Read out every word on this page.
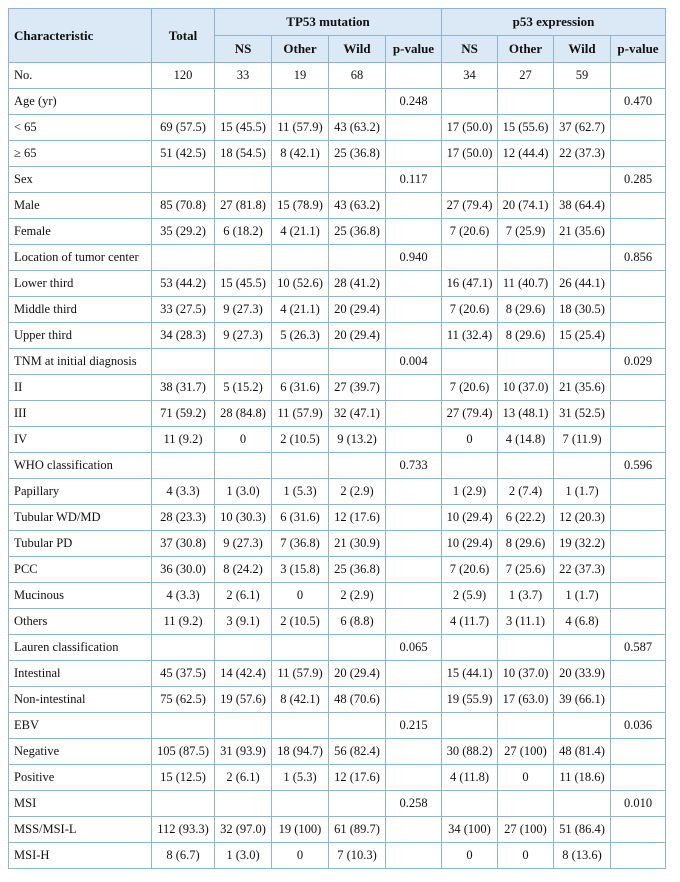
Characteristic	Total	TP53 mutation				p53 expression			
		NS	Other	Wild	p-value	NS	Other	Wild	p-value
No.	120	33	19	68		34	27	59	
Age (yr)					0.248				0.470
< 65	69 (57.5)	15 (45.5)	11 (57.9)	43 (63.2)		17 (50.0)	15 (55.6)	37 (62.7)	
≥ 65	51 (42.5)	18 (54.5)	8 (42.1)	25 (36.8)		17 (50.0)	12 (44.4)	22 (37.3)	
Sex					0.117				0.285
Male	85 (70.8)	27 (81.8)	15 (78.9)	43 (63.2)		27 (79.4)	20 (74.1)	38 (64.4)	
Female	35 (29.2)	6 (18.2)	4 (21.1)	25 (36.8)		7 (20.6)	7 (25.9)	21 (35.6)	
Location of tumor center					0.940				0.856
Lower third	53 (44.2)	15 (45.5)	10 (52.6)	28 (41.2)		16 (47.1)	11 (40.7)	26 (44.1)	
Middle third	33 (27.5)	9 (27.3)	4 (21.1)	20 (29.4)		7 (20.6)	8 (29.6)	18 (30.5)	
Upper third	34 (28.3)	9 (27.3)	5 (26.3)	20 (29.4)		11 (32.4)	8 (29.6)	15 (25.4)	
TNM at initial diagnosis					0.004				0.029
II	38 (31.7)	5 (15.2)	6 (31.6)	27 (39.7)		7 (20.6)	10 (37.0)	21 (35.6)	
III	71 (59.2)	28 (84.8)	11 (57.9)	32 (47.1)		27 (79.4)	13 (48.1)	31 (52.5)	
IV	11 (9.2)	0	2 (10.5)	9 (13.2)		0	4 (14.8)	7 (11.9)	
WHO classification					0.733				0.596
Papillary	4 (3.3)	1 (3.0)	1 (5.3)	2 (2.9)		1 (2.9)	2 (7.4)	1 (1.7)	
Tubular WD/MD	28 (23.3)	10 (30.3)	6 (31.6)	12 (17.6)		10 (29.4)	6 (22.2)	12 (20.3)	
Tubular PD	37 (30.8)	9 (27.3)	7 (36.8)	21 (30.9)		10 (29.4)	8 (29.6)	19 (32.2)	
PCC	36 (30.0)	8 (24.2)	3 (15.8)	25 (36.8)		7 (20.6)	7 (25.6)	22 (37.3)	
Mucinous	4 (3.3)	2 (6.1)	0	2 (2.9)		2 (5.9)	1 (3.7)	1 (1.7)	
Others	11 (9.2)	3 (9.1)	2 (10.5)	6 (8.8)		4 (11.7)	3 (11.1)	4 (6.8)	
Lauren classification					0.065				0.587
Intestinal	45 (37.5)	14 (42.4)	11 (57.9)	20 (29.4)		15 (44.1)	10 (37.0)	20 (33.9)	
Non-intestinal	75 (62.5)	19 (57.6)	8 (42.1)	48 (70.6)		19 (55.9)	17 (63.0)	39 (66.1)	
EBV					0.215				0.036
Negative	105 (87.5)	31 (93.9)	18 (94.7)	56 (82.4)		30 (88.2)	27 (100)	48 (81.4)	
Positive	15 (12.5)	2 (6.1)	1 (5.3)	12 (17.6)		4 (11.8)	0	11 (18.6)	
MSI					0.258				0.010
MSS/MSI-L	112 (93.3)	32 (97.0)	19 (100)	61 (89.7)		34 (100)	27 (100)	51 (86.4)	
MSI-H	8 (6.7)	1 (3.0)	0	7 (10.3)		0	0	8 (13.6)	
